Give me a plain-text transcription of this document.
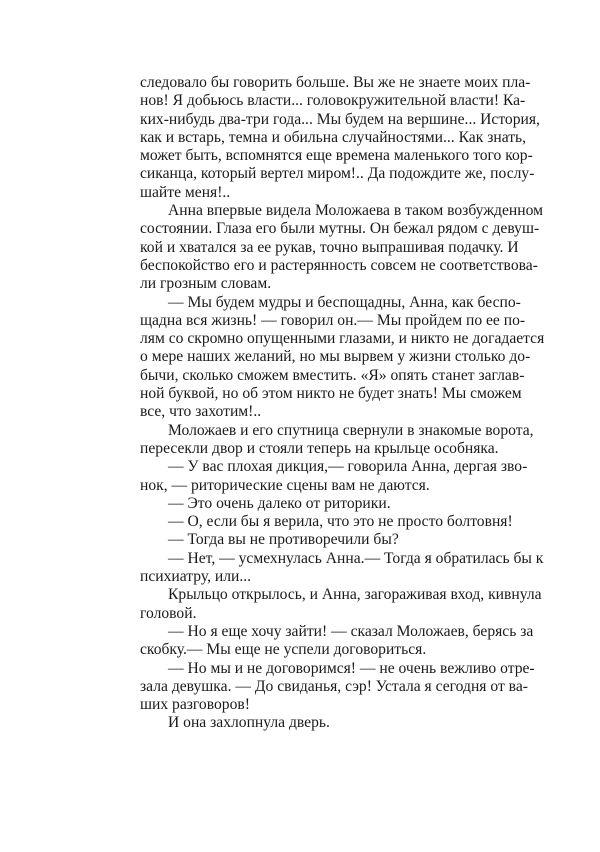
следовало бы говорить больше. Вы же не знаете моих пла-
нов! Я добьюсь власти... головокружительной власти! Ка-
ких-нибудь два-три года... Мы будем на вершине... История,
как и встарь, темна и обильна случайностями... Как знать,
может быть, вспомнятся еще времена маленького того кор-
сиканца, который вертел миром!.. Да подождите же, послу-
шайте меня!..
Анна впервые видела Моложаева в таком возбужденном
состоянии. Глаза его были мутны. Он бежал рядом с девуш-
кой и хватался за ее рукав, точно выпрашивая подачку. И
беспокойство его и растерянность совсем не соответствова-
ли грозным словам.
— Мы будем мудры и беспощадны, Анна, как беспо-
щадна вся жизнь! — говорил он.— Мы пройдем по ее по-
лям со скромно опущенными глазами, и никто не догадается
о мере наших желаний, но мы вырвем у жизни столько до-
бычи, сколько сможем вместить. «Я» опять станет заглав-
ной буквой, но об этом никто не будет знать! Мы сможем
все, что захотим!..
Моложаев и его спутница свернули в знакомые ворота,
пересекли двор и стояли теперь на крыльце особняка.
— У вас плохая дикция,— говорила Анна, дергая зво-
нок, — риторические сцены вам не даются.
— Это очень далеко от риторики.
— О, если бы я верила, что это не просто болтовня!
— Тогда вы не противоречили бы?
— Нет, — усмехнулась Анна.— Тогда я обратилась бы к
психиатру, или...
Крыльцо открылось, и Анна, загораживая вход, кивнула
головой.
— Но я еще хочу зайти! — сказал Моложаев, берясь за
скобку.— Мы еще не успели договориться.
— Но мы и не договоримся! — не очень вежливо отре-
зала девушка. — До свиданья, сэр! Устала я сегодня от ва-
ших разговоров!
И она захлопнула дверь.
